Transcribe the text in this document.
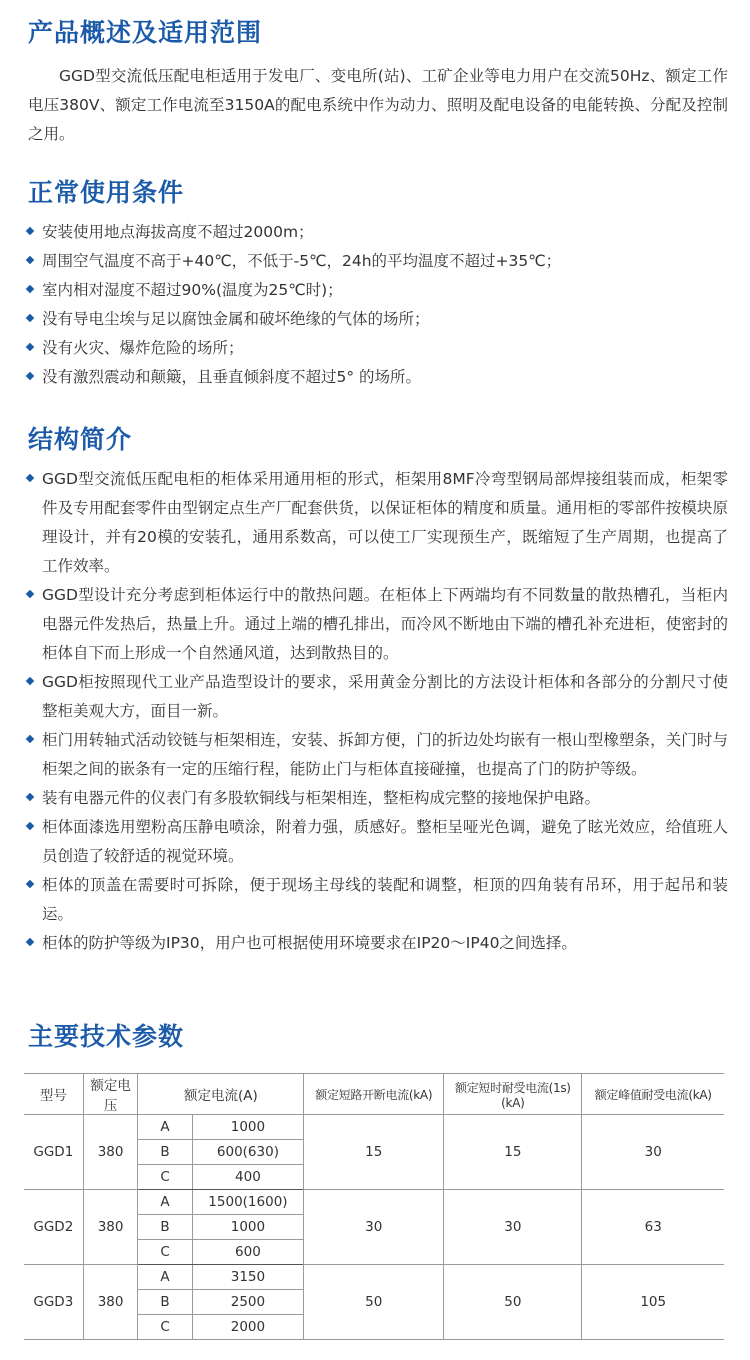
产品概述及适用范围

GGD型交流低压配电柜适用于发电厂、变电所(站)、工矿企业等电力用户在交流50Hz、额定工作电压380V、额定工作电流至3150A的配电系统中作为动力、照明及配电设备的电能转换、分配及控制之用。

正常使用条件
安装使用地点海拔高度不超过2000m；
周围空气温度不高于+40℃，不低于-5℃，24h的平均温度不超过+35℃；
室内相对湿度不超过90%(温度为25℃时)；
没有导电尘埃与足以腐蚀金属和破坏绝缘的气体的场所；
没有火灾、爆炸危险的场所；
没有激烈震动和颠簸，且垂直倾斜度不超过5° 的场所。
结构简介
GGD型交流低压配电柜的柜体采用通用柜的形式，柜架用8MF冷弯型钢局部焊接组装而成，柜架零件及专用配套零件由型钢定点生产厂配套供货，以保证柜体的精度和质量。通用柜的零部件按模块原理设计，并有20模的安装孔，通用系数高，可以使工厂实现预生产，既缩短了生产周期，也提高了工作效率。
GGD型设计充分考虑到柜体运行中的散热问题。在柜体上下两端均有不同数量的散热槽孔，当柜内电器元件发热后，热量上升。通过上端的槽孔排出，而冷风不断地由下端的槽孔补充进柜，使密封的柜体自下而上形成一个自然通风道，达到散热目的。
GGD柜按照现代工业产品造型设计的要求，采用黄金分割比的方法设计柜体和各部分的分割尺寸使整柜美观大方，面目一新。
柜门用转轴式活动铰链与柜架相连，安装、拆卸方便，门的折边处均嵌有一根山型橡塑条，关门时与柜架之间的嵌条有一定的压缩行程，能防止门与柜体直接碰撞，也提高了门的防护等级。
装有电器元件的仪表门有多股软铜线与柜架相连，整柜构成完整的接地保护电路。
柜体面漆选用塑粉高压静电喷涂，附着力强，质感好。整柜呈哑光色调，避免了眩光效应，给值班人员创造了较舒适的视觉环境。
柜体的顶盖在需要时可拆除，便于现场主母线的装配和调整，柜顶的四角装有吊环，用于起吊和装运。
柜体的防护等级为IP30，用户也可根据使用环境要求在IP20～IP40之间选择。
主要技术参数
型号	额定电压	额定电流(A)		额定短路开断电流(kA)	额定短时耐受电流(1s)(kA)	额定峰值耐受电流(kA)
GGD1	380	A	1000	15	15	30
		B	600(630)			
		C	400			
GGD2	380	A	1500(1600)	30	30	63
		B	1000			
		C	600			
GGD3	380	A	3150	50	50	105
		B	2500			
		C	2000			
